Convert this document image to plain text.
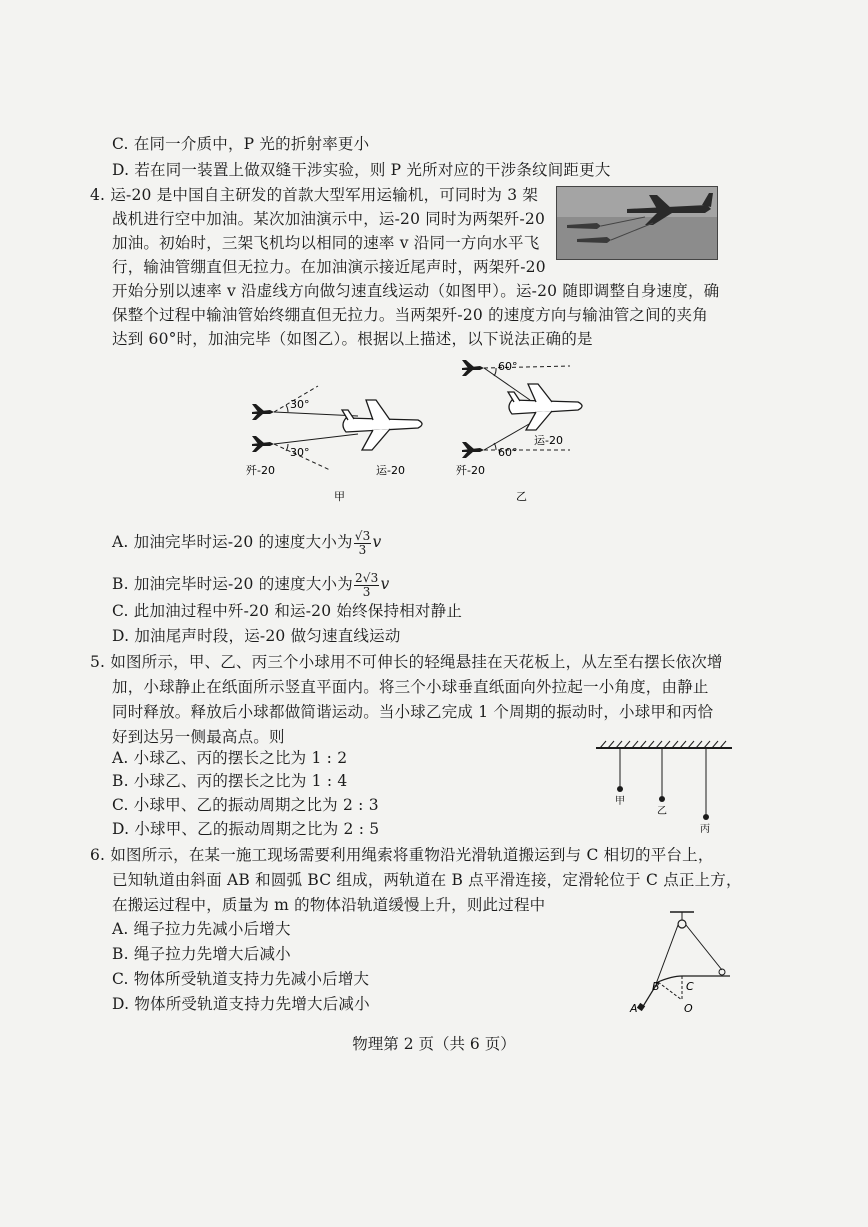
C. 在同一介质中，P 光的折射率更小
D. 若在同一装置上做双缝干涉实验，则 P 光所对应的干涉条纹间距更大
4. 运-20 是中国自主研发的首款大型军用运输机，可同时为 3 架
战机进行空中加油。某次加油演示中，运-20 同时为两架歼-20
加油。初始时，三架飞机均以相同的速率 v 沿同一方向水平飞
行，输油管绷直但无拉力。在加油演示接近尾声时，两架歼-20
开始分别以速率 v 沿虚线方向做匀速直线运动（如图甲）。运-20 随即调整自身速度，确
保整个过程中输油管始终绷直但无拉力。当两架歼-20 的速度方向与输油管之间的夹角
达到 60°时，加油完毕（如图乙）。根据以上描述，以下说法正确的是
30°
30°
歼-20	运-20
甲
60°
60°
运-20
歼-20
乙
A. 加油完毕时运-20 的速度大小为 $\frac{√3}{3}$ v
B. 加油完毕时运-20 的速度大小为 $\frac{2√3}{3}$ v
C. 此加油过程中歼-20 和运-20 始终保持相对静止
D. 加油尾声时段，运-20 做匀速直线运动
5. 如图所示，甲、乙、丙三个小球用不可伸长的轻绳悬挂在天花板上，从左至右摆长依次增
加，小球静止在纸面所示竖直平面内。将三个小球垂直纸面向外拉起一小角度，由静止
同时释放。释放后小球都做简谐运动。当小球乙完成 1 个周期的振动时，小球甲和丙恰
好到达另一侧最高点。则
A. 小球乙、丙的摆长之比为 1 : 2
B. 小球乙、丙的摆长之比为 1 : 4
C. 小球甲、乙的振动周期之比为 2 : 3
D. 小球甲、乙的振动周期之比为 2 : 5
甲
乙
丙
6. 如图所示，在某一施工现场需要利用绳索将重物沿光滑轨道搬运到与 C 相切的平台上，
已知轨道由斜面 AB 和圆弧 BC 组成，两轨道在 B 点平滑连接，定滑轮位于 C 点正上方，
在搬运过程中，质量为 m 的物体沿轨道缓慢上升，则此过程中
A. 绳子拉力先减小后增大
B. 绳子拉力先增大后减小
C. 物体所受轨道支持力先减小后增大
D. 物体所受轨道支持力先增大后减小	A
B C
O
物理第 2 页（共 6 页）
